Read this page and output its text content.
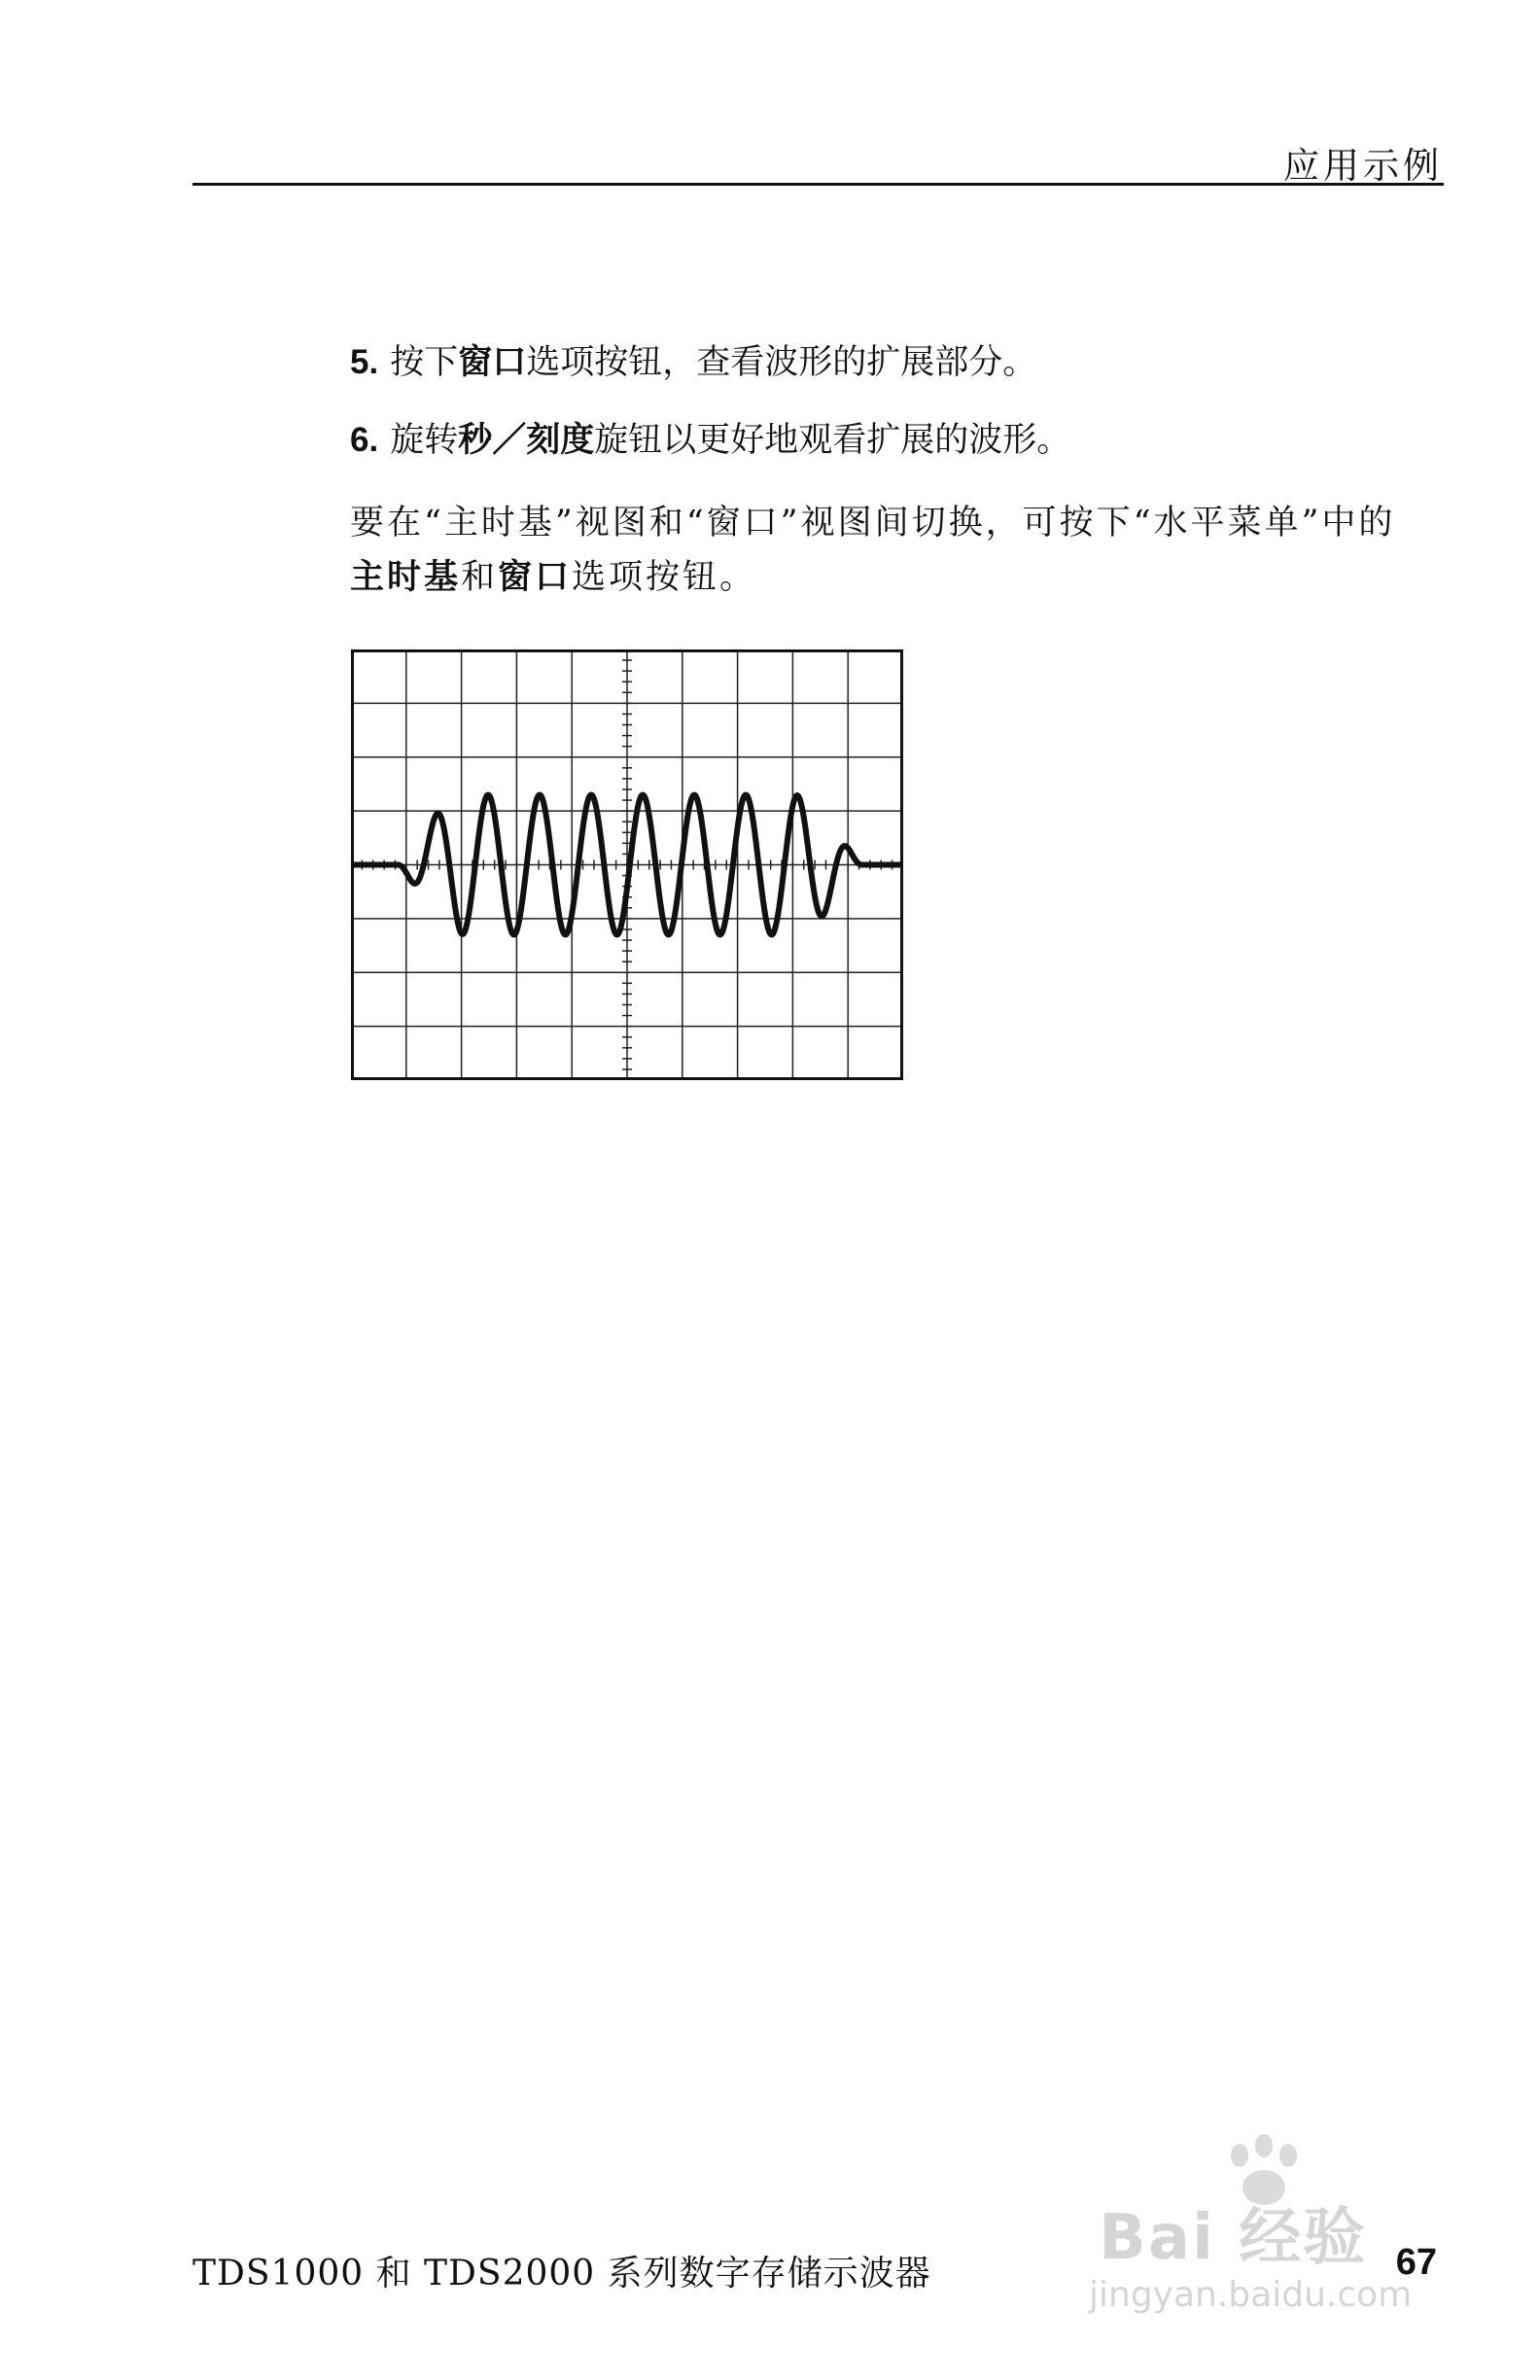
应用示例
5. 按下窗口选项按钮，查看波形的扩展部分。
6. 旋转秒／刻度旋钮以更好地观看扩展的波形。
要在“主时基”视图和“窗口”视图间切换，可按下“水平菜单”中的主时基和窗口选项按钮。
TDS1000 和 TDS2000 系列数字存储示波器	67
Bai 经验
jingyan.baidu.com
